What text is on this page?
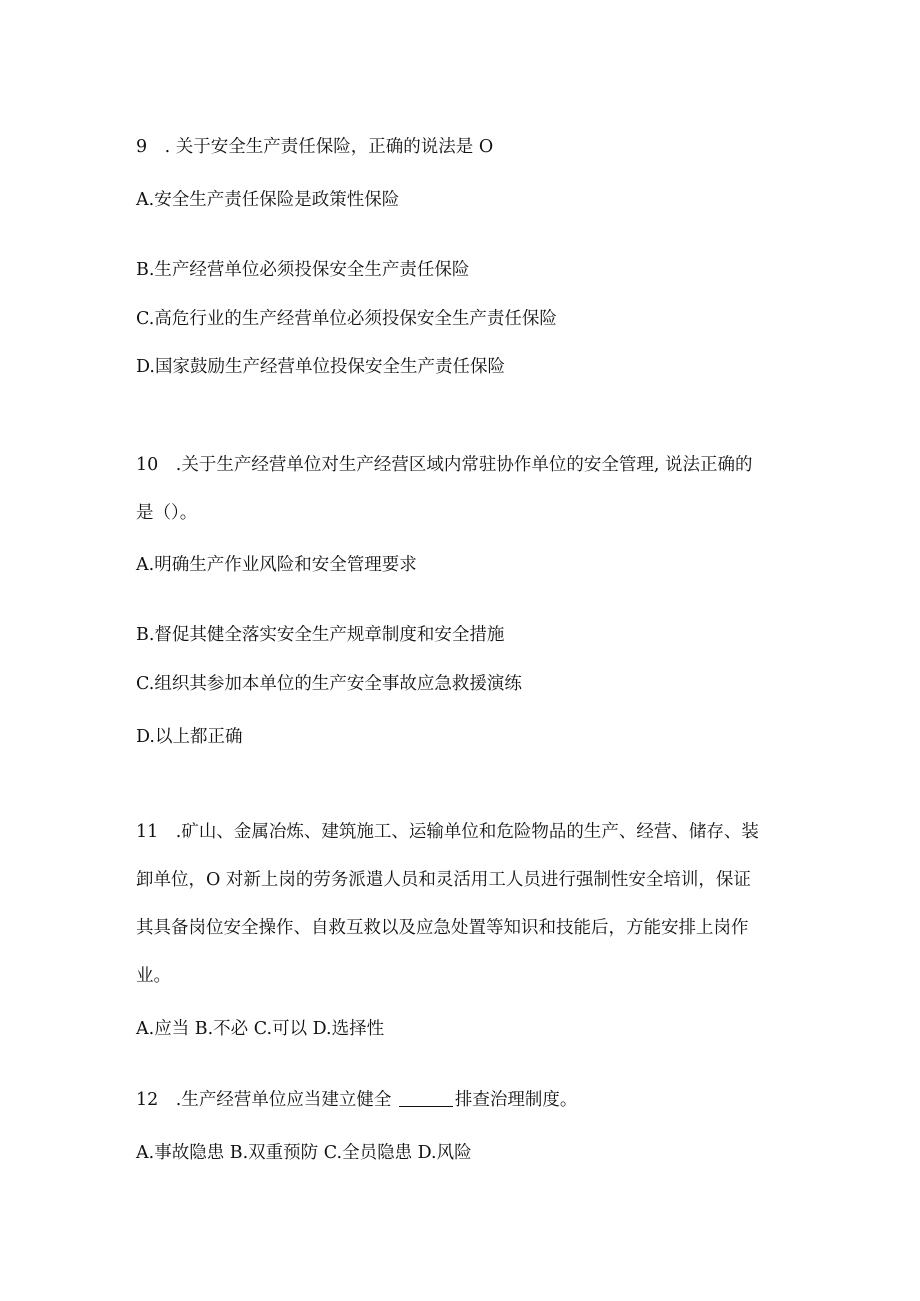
9　. 关于安全生产责任保险，正确的说法是 O
A.安全生产责任保险是政策性保险
B.生产经营单位必须投保安全生产责任保险
C.高危行业的生产经营单位必须投保安全生产责任保险
D.国家鼓励生产经营单位投保安全生产责任保险
10　.关于生产经营单位对生产经营区域内常驻协作单位的安全管理, 说法正确的
是（）。
A.明确生产作业风险和安全管理要求
B.督促其健全落实安全生产规章制度和安全措施
C.组织其参加本单位的生产安全事故应急救援演练
D.以上都正确
11　.矿山、金属冶炼、建筑施工、运输单位和危险物品的生产、经营、储存、装
卸单位，O 对新上岗的劳务派遣人员和灵活用工人员进行强制性安全培训，保证
其具备岗位安全操作、自救互救以及应急处置等知识和技能后，方能安排上岗作
业。
A.应当 B.不必 C.可以 D.选择性
12　.生产经营单位应当建立健全	排查治理制度。
A.事故隐患 B.双重预防 C.全员隐患 D.风险
